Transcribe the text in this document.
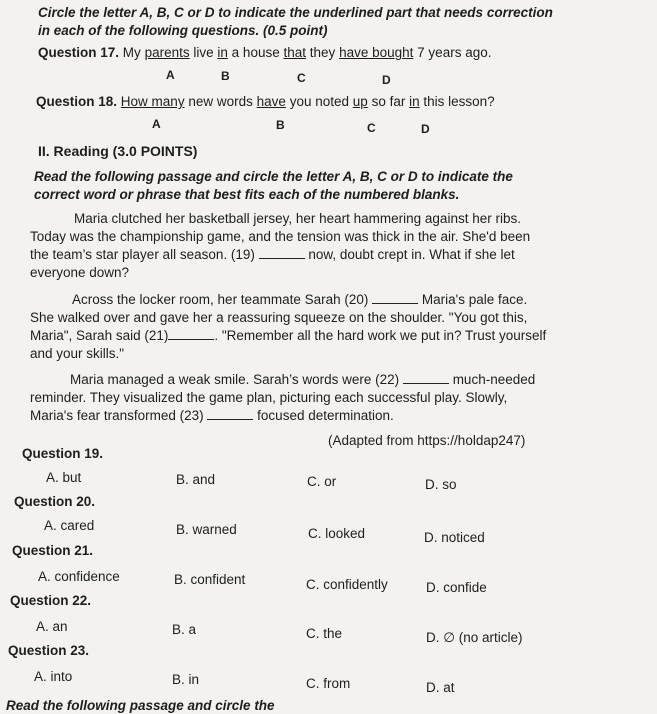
Circle the letter A, B, C or D to indicate the underlined part that needs correction
in each of the following questions. (0.5 point)
Question 17. My parents live in a house that they have bought 7 years ago.
A	B	C	D
Question 18. How many new words have you noted up so far in this lesson?
A	B	C	D
II. Reading (3.0 POINTS)
Read the following passage and circle the letter A, B, C or D to indicate the
correct word or phrase that best fits each of the numbered blanks.
Maria clutched her basketball jersey, her heart hammering against her ribs.
Today was the championship game, and the tension was thick in the air. She'd been
the team’s star player all season. (19)	now, doubt crept in. What if she let
everyone down?
Across the locker room, her teammate Sarah (20)	Maria's pale face.
She walked over and gave her a reassuring squeeze on the shoulder. "You got this,
Maria", Sarah said (21)	. "Remember all the hard work we put in? Trust yourself
and your skills."
Maria managed a weak smile. Sarah’s words were (22)	much-needed
reminder. They visualized the game plan, picturing each successful play. Slowly,
Maria's fear transformed (23)	focused determination.
(Adapted from https://holdap247)
Question 19.
A. but	B. and	C. or	D. so
Question 20.
A. cared	B. warned	C. looked	D. noticed
Question 21.
A. confidence	B. confident	C. confidently	D. confide
Question 22.
A. an	B. a	C. the	D. ∅ (no article)
Question 23.
A. into	B. in	C. from	D. at
Read the following passage and circle the
